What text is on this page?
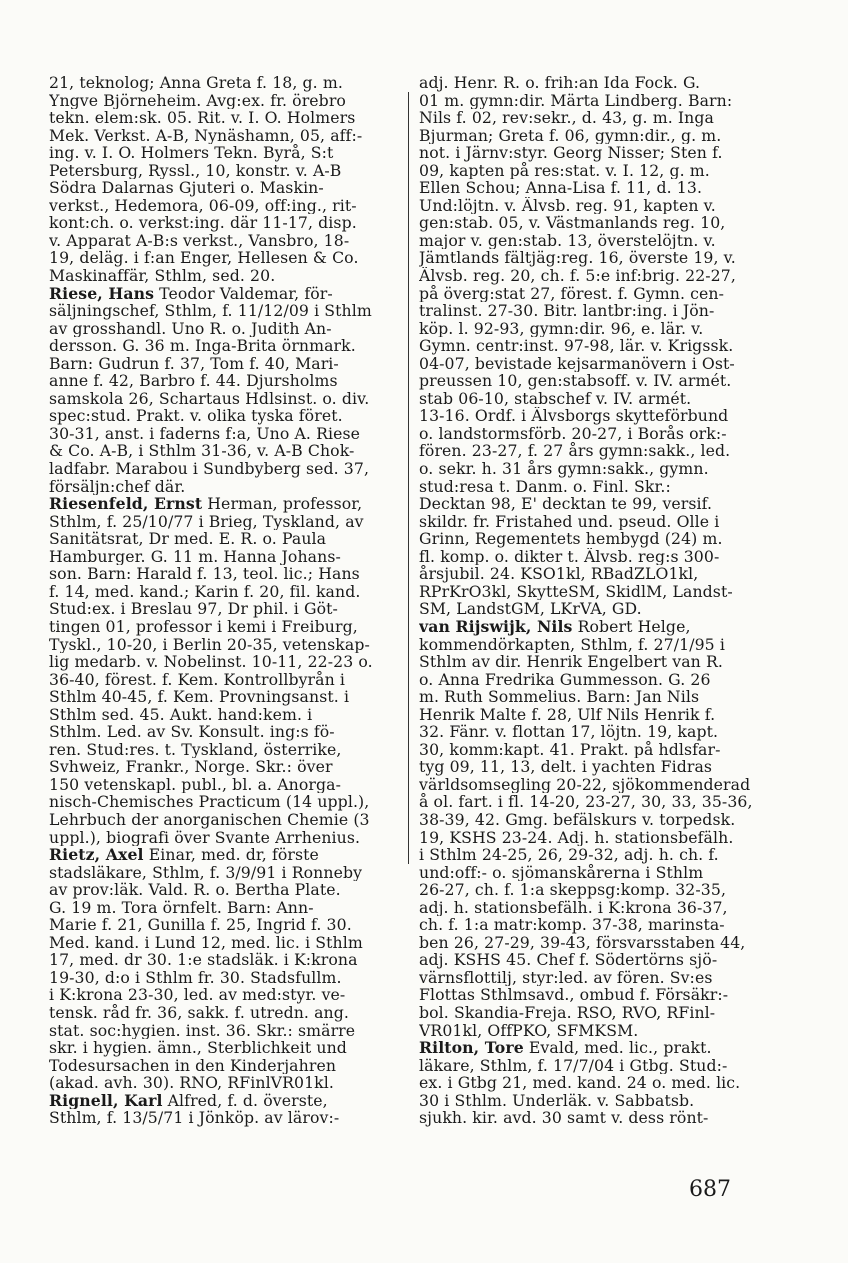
21, teknolog; Anna Greta f. 18, g. m.
Yngve Björneheim. Avg:ex. fr. örebro
tekn. elem:sk. 05. Rit. v. I. O. Holmers
Mek. Verkst. A-B, Nynäshamn, 05, aff:-
ing. v. I. O. Holmers Tekn. Byrå, S:t
Petersburg, Ryssl., 10, konstr. v. A-B
Södra Dalarnas Gjuteri o. Maskin-
verkst., Hedemora, 06-09, off:ing., rit-
kont:ch. o. verkst:ing. där 11-17, disp.
v. Apparat A-B:s verkst., Vansbro, 18-
19, deläg. i f:an Enger, Hellesen & Co.
Maskinaffär, Sthlm, sed. 20.
Riese, Hans Teodor Valdemar, för-
säljningschef, Sthlm, f. 11/12/09 i Sthlm
av grosshandl. Uno R. o. Judith An-
dersson. G. 36 m. Inga-Brita örnmark.
Barn: Gudrun f. 37, Tom f. 40, Mari-
anne f. 42, Barbro f. 44. Djursholms
samskola 26, Schartaus Hdlsinst. o. div.
spec:stud. Prakt. v. olika tyska föret.
30-31, anst. i faderns f:a, Uno A. Riese
& Co. A-B, i Sthlm 31-36, v. A-B Chok-
ladfabr. Marabou i Sundbyberg sed. 37,
försäljn:chef där.
Riesenfeld, Ernst Herman, professor,
Sthlm, f. 25/10/77 i Brieg, Tyskland, av
Sanitätsrat, Dr med. E. R. o. Paula
Hamburger. G. 11 m. Hanna Johans-
son. Barn: Harald f. 13, teol. lic.; Hans
f. 14, med. kand.; Karin f. 20, fil. kand.
Stud:ex. i Breslau 97, Dr phil. i Göt-
tingen 01, professor i kemi i Freiburg,
Tyskl., 10-20, i Berlin 20-35, vetenskap-
lig medarb. v. Nobelinst. 10-11, 22-23 o.
36-40, förest. f. Kem. Kontrollbyrån i
Sthlm 40-45, f. Kem. Provningsanst. i
Sthlm sed. 45. Aukt. hand:kem. i
Sthlm. Led. av Sv. Konsult. ing:s fö-
ren. Stud:res. t. Tyskland, österrike,
Svhweiz, Frankr., Norge. Skr.: över
150 vetenskapl. publ., bl. a. Anorga-
nisch-Chemisches Practicum (14 uppl.),
Lehrbuch der anorganischen Chemie (3
uppl.), biografi över Svante Arrhenius.
Rietz, Axel Einar, med. dr, förste
stadsläkare, Sthlm, f. 3/9/91 i Ronneby
av prov:läk. Vald. R. o. Bertha Plate.
G. 19 m. Tora örnfelt. Barn: Ann-
Marie f. 21, Gunilla f. 25, Ingrid f. 30.
Med. kand. i Lund 12, med. lic. i Sthlm
17, med. dr 30. 1:e stadsläk. i K:krona
19-30, d:o i Sthlm fr. 30. Stadsfullm.
i K:krona 23-30, led. av med:styr. ve-
tensk. råd fr. 36, sakk. f. utredn. ang.
stat. soc:hygien. inst. 36. Skr.: smärre
skr. i hygien. ämn., Sterblichkeit und
Todesursachen in den Kinderjahren
(akad. avh. 30). RNO, RFinlVR01kl.
Rignell, Karl Alfred, f. d. överste,
Sthlm, f. 13/5/71 i Jönköp. av lärov:-
adj. Henr. R. o. frih:an Ida Fock. G.
01 m. gymn:dir. Märta Lindberg. Barn:
Nils f. 02, rev:sekr., d. 43, g. m. Inga
Bjurman; Greta f. 06, gymn:dir., g. m.
not. i Järnv:styr. Georg Nisser; Sten f.
09, kapten på res:stat. v. I. 12, g. m.
Ellen Schou; Anna-Lisa f. 11, d. 13.
Und:löjtn. v. Älvsb. reg. 91, kapten v.
gen:stab. 05, v. Västmanlands reg. 10,
major v. gen:stab. 13, överstelöjtn. v.
Jämtlands fältjäg:reg. 16, överste 19, v.
Älvsb. reg. 20, ch. f. 5:e inf:brig. 22-27,
på överg:stat 27, förest. f. Gymn. cen-
tralinst. 27-30. Bitr. lantbr:ing. i Jön-
köp. l. 92-93, gymn:dir. 96, e. lär. v.
Gymn. centr:inst. 97-98, lär. v. Krigssk.
04-07, bevistade kejsarmanövern i Ost-
preussen 10, gen:stabsoff. v. IV. armét.
stab 06-10, stabschef v. IV. armét.
13-16. Ordf. i Älvsborgs skytteförbund
o. landstormsförb. 20-27, i Borås ork:-
fören. 23-27, f. 27 års gymn:sakk., led.
o. sekr. h. 31 års gymn:sakk., gymn.
stud:resa t. Danm. o. Finl. Skr.:
Decktan 98, E' decktan te 99, versif.
skildr. fr. Fristahed und. pseud. Olle i
Grinn, Regementets hembygd (24) m.
fl. komp. o. dikter t. Älvsb. reg:s 300-
årsjubil. 24. KSO1kl, RBadZLO1kl,
RPrKrO3kl, SkytteSM, SkidlM, Landst-
SM, LandstGM, LKrVA, GD.
van Rijswijk, Nils Robert Helge,
kommendörkapten, Sthlm, f. 27/1/95 i
Sthlm av dir. Henrik Engelbert van R.
o. Anna Fredrika Gummesson. G. 26
m. Ruth Sommelius. Barn: Jan Nils
Henrik Malte f. 28, Ulf Nils Henrik f.
32. Fänr. v. flottan 17, löjtn. 19, kapt.
30, komm:kapt. 41. Prakt. på hdlsfar-
tyg 09, 11, 13, delt. i yachten Fidras
världsomsegling 20-22, sjökommenderad
å ol. fart. i fl. 14-20, 23-27, 30, 33, 35-36,
38-39, 42. Gmg. befälskurs v. torpedsk.
19, KSHS 23-24. Adj. h. stationsbefälh.
i Sthlm 24-25, 26, 29-32, adj. h. ch. f.
und:off:- o. sjömanskårerna i Sthlm
26-27, ch. f. 1:a skeppsg:komp. 32-35,
adj. h. stationsbefälh. i K:krona 36-37,
ch. f. 1:a matr:komp. 37-38, marinsta-
ben 26, 27-29, 39-43, försvarsstaben 44,
adj. KSHS 45. Chef f. Södertörns sjö-
värnsflottilj, styr:led. av fören. Sv:es
Flottas Sthlmsavd., ombud f. Försäkr:-
bol. Skandia-Freja. RSO, RVO, RFinl-
VR01kl, OffPKO, SFMKSM.
Rilton, Tore Evald, med. lic., prakt.
läkare, Sthlm, f. 17/7/04 i Gtbg. Stud:-
ex. i Gtbg 21, med. kand. 24 o. med. lic.
30 i Sthlm. Underläk. v. Sabbatsb.
sjukh. kir. avd. 30 samt v. dess rönt-
687
